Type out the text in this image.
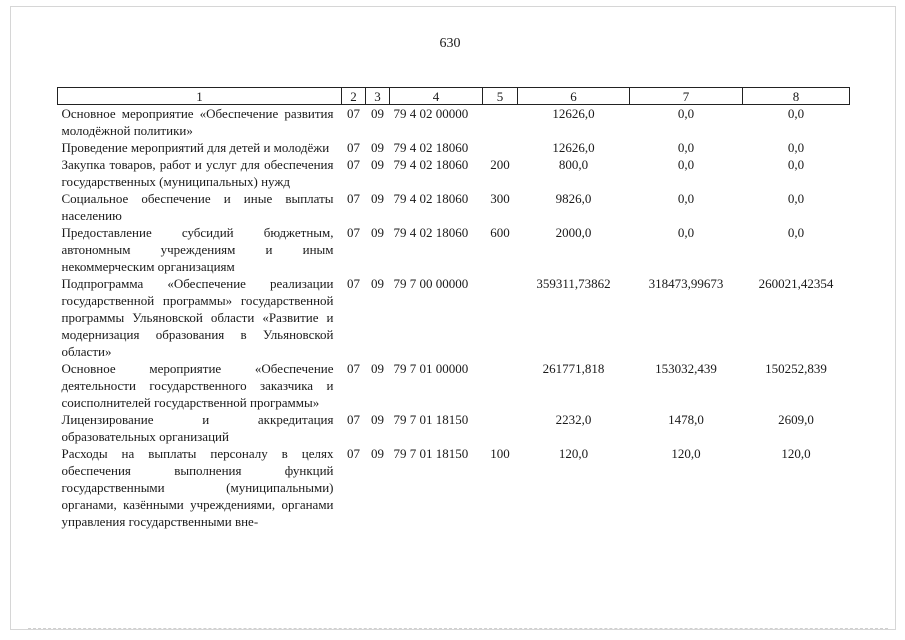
630
1	2	3	4	5	6	7	8
Основное мероприятие «Обеспечение развития молодёжной политики»	07	09	79 4 02 00000		12626,0	0,0	0,0
Проведение мероприятий для детей и молодёжи	07	09	79 4 02 18060		12626,0	0,0	0,0
Закупка товаров, работ и услуг для обеспечения государственных (муниципальных) нужд	07	09	79 4 02 18060	200	800,0	0,0	0,0
Социальное обеспечение и иные выплаты населению	07	09	79 4 02 18060	300	9826,0	0,0	0,0
Предоставление субсидий бюджетным, автономным учреждениям и иным некоммерческим организациям	07	09	79 4 02 18060	600	2000,0	0,0	0,0
Подпрограмма «Обеспечение реализации государственной программы» государственной программы Ульяновской области «Развитие и модернизация образования в Ульяновской области»	07	09	79 7 00 00000		359311,73862	318473,99673	260021,42354
Основное мероприятие «Обеспечение деятельности государственного заказчика и соисполнителей государственной программы»	07	09	79 7 01 00000		261771,818	153032,439	150252,839
Лицензирование и аккредитация образовательных организаций	07	09	79 7 01 18150		2232,0	1478,0	2609,0
Расходы на выплаты персоналу в целях обеспечения выполнения функций государственными (муниципальными) органами, казёнными учреждениями, органами управления государственными вне-	07	09	79 7 01 18150	100	120,0	120,0	120,0
